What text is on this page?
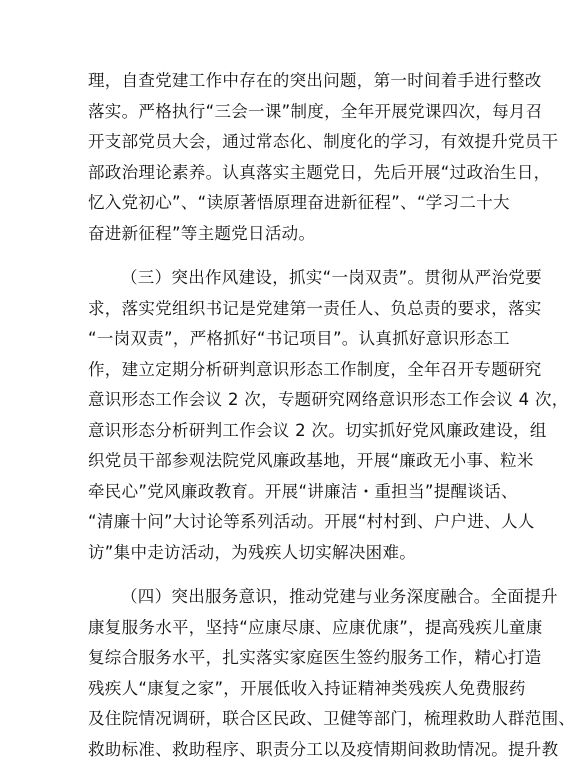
理，自查党建工作中存在的突出问题，第一时间着手进行整改
落实。严格执行“三会一课”制度，全年开展党课四次，每月召
开支部党员大会，通过常态化、制度化的学习，有效提升党员干
部政治理论素养。认真落实主题党日，先后开展“过政治生日，
忆入党初心”、“读原著悟原理奋进新征程”、“学习二十大
奋进新征程”等主题党日活动。
（三）突出作风建设，抓实“一岗双责”。贯彻从严治党要
求，落实党组织书记是党建第一责任人、负总责的要求，落实
“一岗双责”，严格抓好“书记项目”。认真抓好意识形态工
作，建立定期分析研判意识形态工作制度，全年召开专题研究
意识形态工作会议 2 次，专题研究网络意识形态工作会议 4 次，
意识形态分析研判工作会议 2 次。切实抓好党风廉政建设，组
织党员干部参观法院党风廉政基地，开展“廉政无小事、粒米
牵民心”党风廉政教育。开展“讲廉洁・重担当”提醒谈话、
“清廉十问”大讨论等系列活动。开展“村村到、户户进、人人
访”集中走访活动，为残疾人切实解决困难。
（四）突出服务意识，推动党建与业务深度融合。全面提升
康复服务水平，坚持“应康尽康、应康优康”，提高残疾儿童康
复综合服务水平，扎实落实家庭医生签约服务工作，精心打造
残疾人“康复之家”，开展低收入持证精神类残疾人免费服药
及住院情况调研，联合区民政、卫健等部门，梳理救助人群范围、
救助标准、救助程序、职责分工以及疫情期间救助情况。提升教
